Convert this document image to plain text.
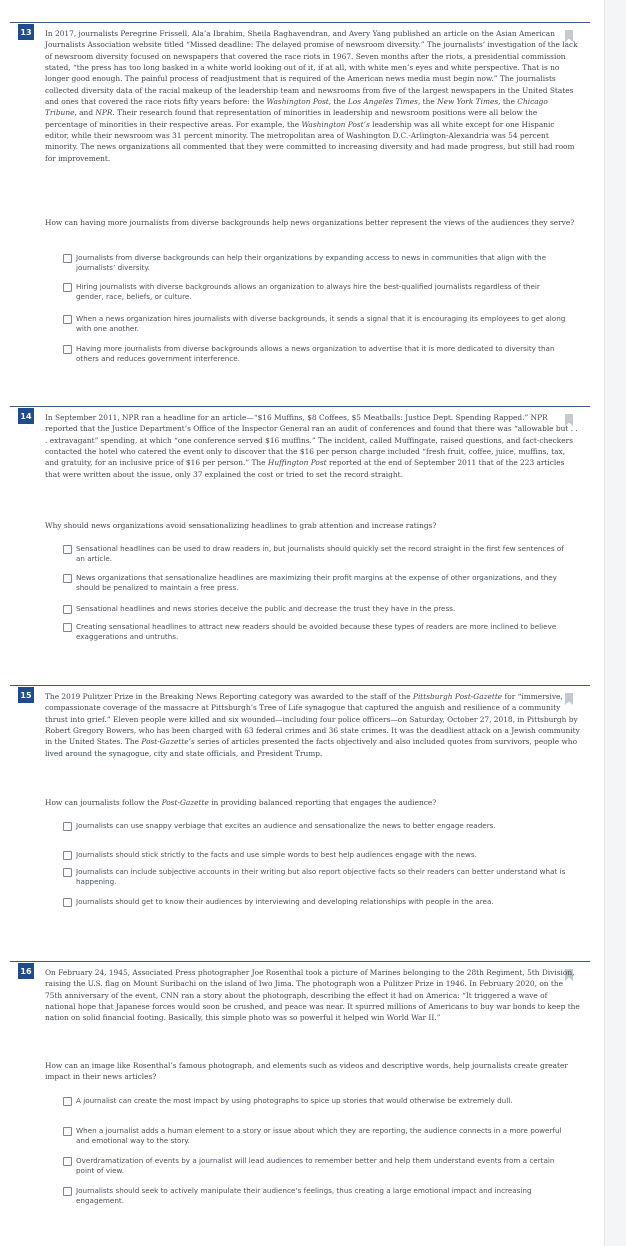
13	In 2017, journalists Peregrine Frissell, Ala’a Ibrahim, Sheila Raghavendran, and Avery Yang published an article on the Asian American Journalists Association website titled “Missed deadline: The delayed promise of newsroom diversity.” The journalists’ investigation of the lack of newsroom diversity focused on newspapers that covered the race riots in 1967. Seven months after the riots, a presidential commission stated, “the press has too long basked in a white world looking out of it, if at all, with white men’s eyes and white perspective. That is no longer good enough. The painful process of readjustment that is required of the American news media must begin now.” The journalists collected diversity data of the racial makeup of the leadership team and newsrooms from five of the largest newspapers in the United States and ones that covered the race riots fifty years before: the Washington Post, the Los Angeles Times, the New York Times, the Chicago Tribune, and NPR. Their research found that representation of minorities in leadership and newsroom positions were all below the percentage of minorities in their respective areas. For example, the Washington Post’s leadership was all white except for one Hispanic editor, while their newsroom was 31 percent minority. The metropolitan area of Washington D.C.-Arlington-Alexandria was 54 percent minority. The news organizations all commented that they were committed to increasing diversity and had made progress, but still had room for improvement.

How can having more journalists from diverse backgrounds help news organizations better represent the views of the audiences they serve?

Journalists from diverse backgrounds can help their organizations by expanding access to news in communities that align with the journalists’ diversity.
Hiring journalists with diverse backgrounds allows an organization to always hire the best-qualified journalists regardless of their gender, race, beliefs, or culture.
When a news organization hires journalists with diverse backgrounds, it sends a signal that it is encouraging its employees to get along with one another.
Having more journalists from diverse backgrounds allows a news organization to advertise that it is more dedicated to diversity than others and reduces government interference.
14	In September 2011, NPR ran a headline for an article—“$16 Muffins, $8 Coffees, $5 Meatballs: Justice Dept. Spending Rapped.” NPR reported that the Justice Department’s Office of the Inspector General ran an audit of conferences and found that there was “allowable but . . . extravagant” spending, at which “one conference served $16 muffins.” The incident, called Muffingate, raised questions, and fact-checkers contacted the hotel who catered the event only to discover that the $16 per person charge included “fresh fruit, coffee, juice, muffins, tax, and gratuity, for an inclusive price of $16 per person.” The Huffington Post reported at the end of September 2011 that of the 223 articles that were written about the issue, only 37 explained the cost or tried to set the record straight.

Why should news organizations avoid sensationalizing headlines to grab attention and increase ratings?

Sensational headlines can be used to draw readers in, but journalists should quickly set the record straight in the first few sentences of an article.
News organizations that sensationalize headlines are maximizing their profit margins at the expense of other organizations, and they should be penalized to maintain a free press.
Sensational headlines and news stories deceive the public and decrease the trust they have in the press.
Creating sensational headlines to attract new readers should be avoided because these types of readers are more inclined to believe exaggerations and untruths.
15	The 2019 Pulitzer Prize in the Breaking News Reporting category was awarded to the staff of the Pittsburgh Post-Gazette for “immersive, compassionate coverage of the massacre at Pittsburgh’s Tree of Life synagogue that captured the anguish and resilience of a community thrust into grief.” Eleven people were killed and six wounded—including four police officers—on Saturday, October 27, 2018, in Pittsburgh by Robert Gregory Bowers, who has been charged with 63 federal crimes and 36 state crimes. It was the deadliest attack on a Jewish community in the United States. The Post-Gazette’s series of articles presented the facts objectively and also included quotes from survivors, people who lived around the synagogue, city and state officials, and President Trump.

How can journalists follow the Post-Gazette in providing balanced reporting that engages the audience?

Journalists can use snappy verbiage that excites an audience and sensationalize the news to better engage readers.
Journalists should stick strictly to the facts and use simple words to best help audiences engage with the news.
Journalists can include subjective accounts in their writing but also report objective facts so their readers can better understand what is happening.
Journalists should get to know their audiences by interviewing and developing relationships with people in the area.
16	On February 24, 1945, Associated Press photographer Joe Rosenthal took a picture of Marines belonging to the 28th Regiment, 5th Division, raising the U.S. flag on Mount Suribachi on the island of Iwo Jima. The photograph won a Pulitzer Prize in 1946. In February 2020, on the 75th anniversary of the event, CNN ran a story about the photograph, describing the effect it had on America: “It triggered a wave of national hope that Japanese forces would soon be crushed, and peace was near. It spurred millions of Americans to buy war bonds to keep the nation on solid financial footing. Basically, this simple photo was so powerful it helped win World War II.”

How can an image like Rosenthal’s famous photograph, and elements such as videos and descriptive words, help journalists create greater impact in their news articles?

A journalist can create the most impact by using photographs to spice up stories that would otherwise be extremely dull.
When a journalist adds a human element to a story or issue about which they are reporting, the audience connects in a more powerful and emotional way to the story.
Overdramatization of events by a journalist will lead audiences to remember better and help them understand events from a certain point of view.
Journalists should seek to actively manipulate their audience’s feelings, thus creating a large emotional impact and increasing engagement.
